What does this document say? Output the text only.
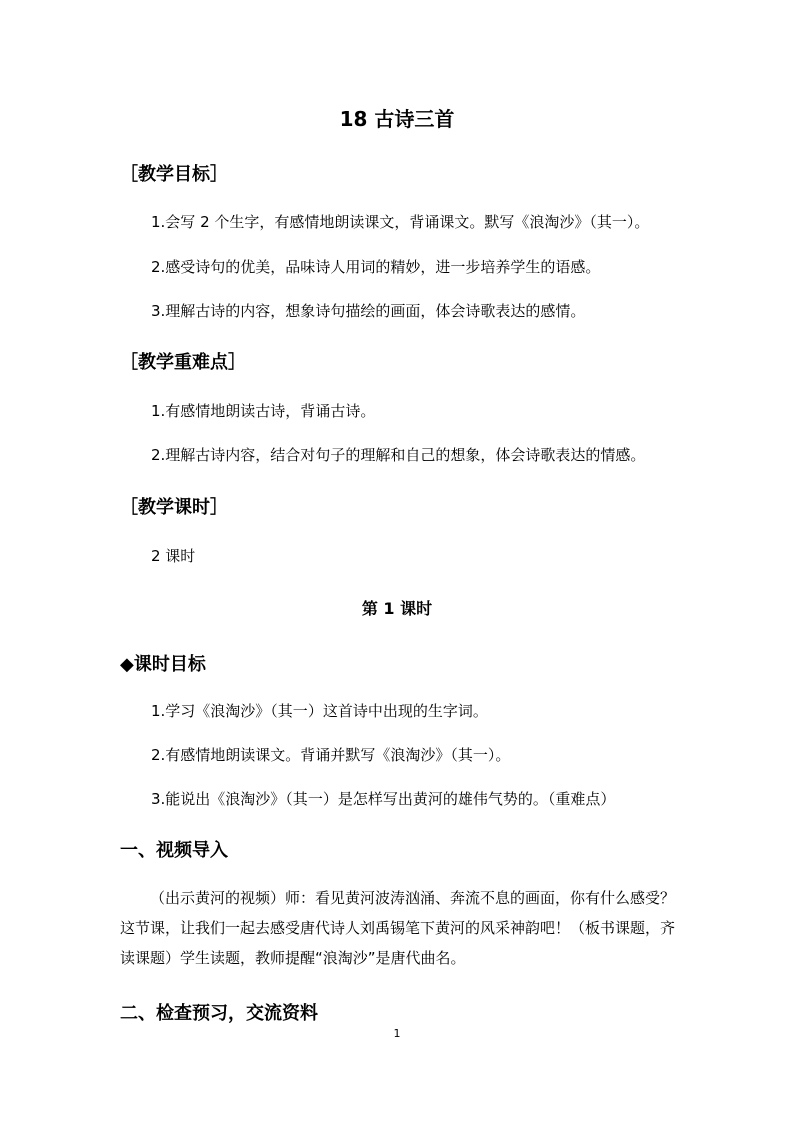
18 古诗三首
［教学目标］
1.会写 2 个生字，有感情地朗读课文，背诵课文。默写《浪淘沙》（其一）。
2.感受诗句的优美，品味诗人用词的精妙，进一步培养学生的语感。
3.理解古诗的内容，想象诗句描绘的画面，体会诗歌表达的感情。
［教学重难点］
1.有感情地朗读古诗，背诵古诗。
2.理解古诗内容，结合对句子的理解和自己的想象，体会诗歌表达的情感。
［教学课时］
2 课时
第 1 课时
◆课时目标
1.学习《浪淘沙》（其一）这首诗中出现的生字词。
2.有感情地朗读课文。背诵并默写《浪淘沙》（其一）。
3.能说出《浪淘沙》（其一）是怎样写出黄河的雄伟气势的。（重难点）
一、视频导入

（出示黄河的视频）师：看见黄河波涛汹涌、奔流不息的画面，你有什么感受？这节课，让我们一起去感受唐代诗人刘禹锡笔下黄河的风采神韵吧！（板书课题，齐读课题）学生读题，教师提醒“浪淘沙”是唐代曲名。

二、检查预习，交流资料
1
